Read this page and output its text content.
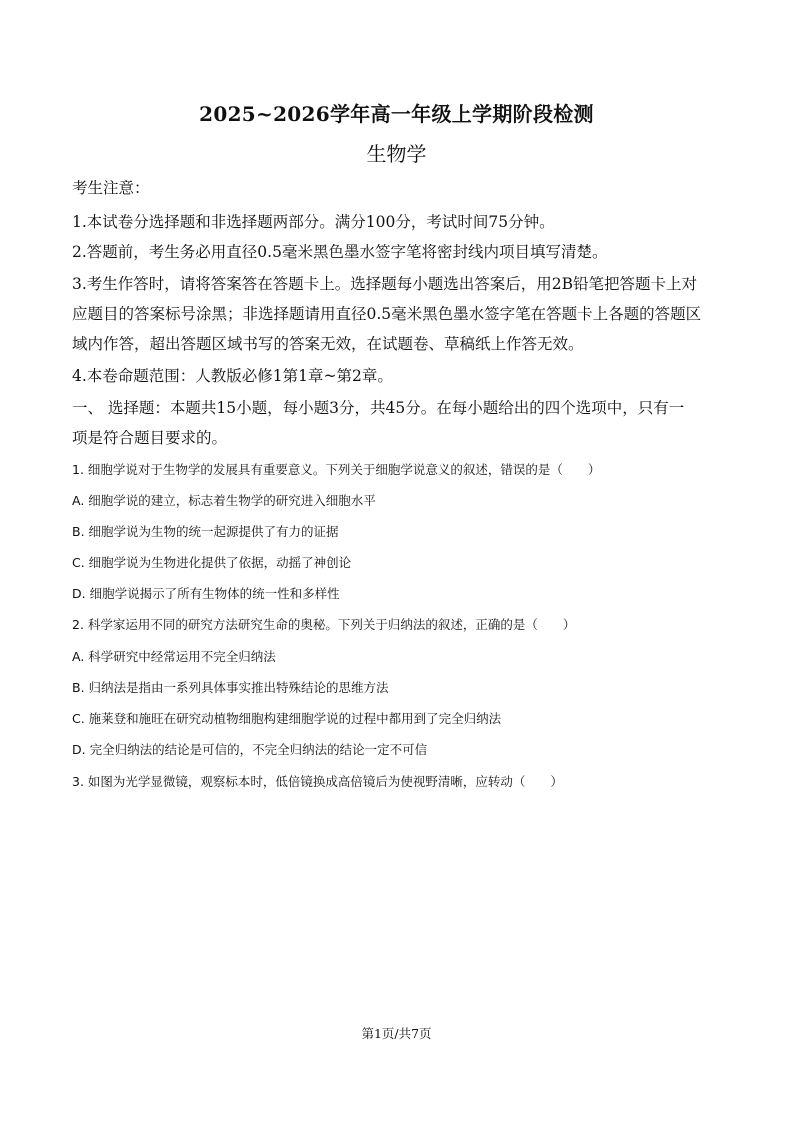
2025~2026学年高一年级上学期阶段检测
生物学
考生注意：
1.本试卷分选择题和非选择题两部分。满分100分，考试时间75分钟。
2.答题前，考生务必用直径0.5毫米黑色墨水签字笔将密封线内项目填写清楚。
3.考生作答时，请将答案答在答题卡上。选择题每小题选出答案后，用2B铅笔把答题卡上对
应题目的答案标号涂黑；非选择题请用直径0.5毫米黑色墨水签字笔在答题卡上各题的答题区
域内作答，超出答题区域书写的答案无效，在试题卷、草稿纸上作答无效。
4.本卷命题范围：人教版必修1第1章~第2章。
一、 选择题：本题共15小题，每小题3分，共45分。在每小题给出的四个选项中，只有一
项是符合题目要求的。
1. 细胞学说对于生物学的发展具有重要意义。下列关于细胞学说意义的叙述，错误的是（　　）
A. 细胞学说的建立，标志着生物学的研究进入细胞水平
B. 细胞学说为生物的统一起源提供了有力的证据
C. 细胞学说为生物进化提供了依据，动摇了神创论
D. 细胞学说揭示了所有生物体的统一性和多样性
2. 科学家运用不同的研究方法研究生命的奥秘。下列关于归纳法的叙述，正确的是（　　）
A. 科学研究中经常运用不完全归纳法
B. 归纳法是指由一系列具体事实推出特殊结论的思维方法
C. 施莱登和施旺在研究动植物细胞构建细胞学说的过程中都用到了完全归纳法
D. 完全归纳法的结论是可信的，不完全归纳法的结论一定不可信
3. 如图为光学显微镜，观察标本时，低倍镜换成高倍镜后为使视野清晰，应转动（　　）
第1页/共7页
